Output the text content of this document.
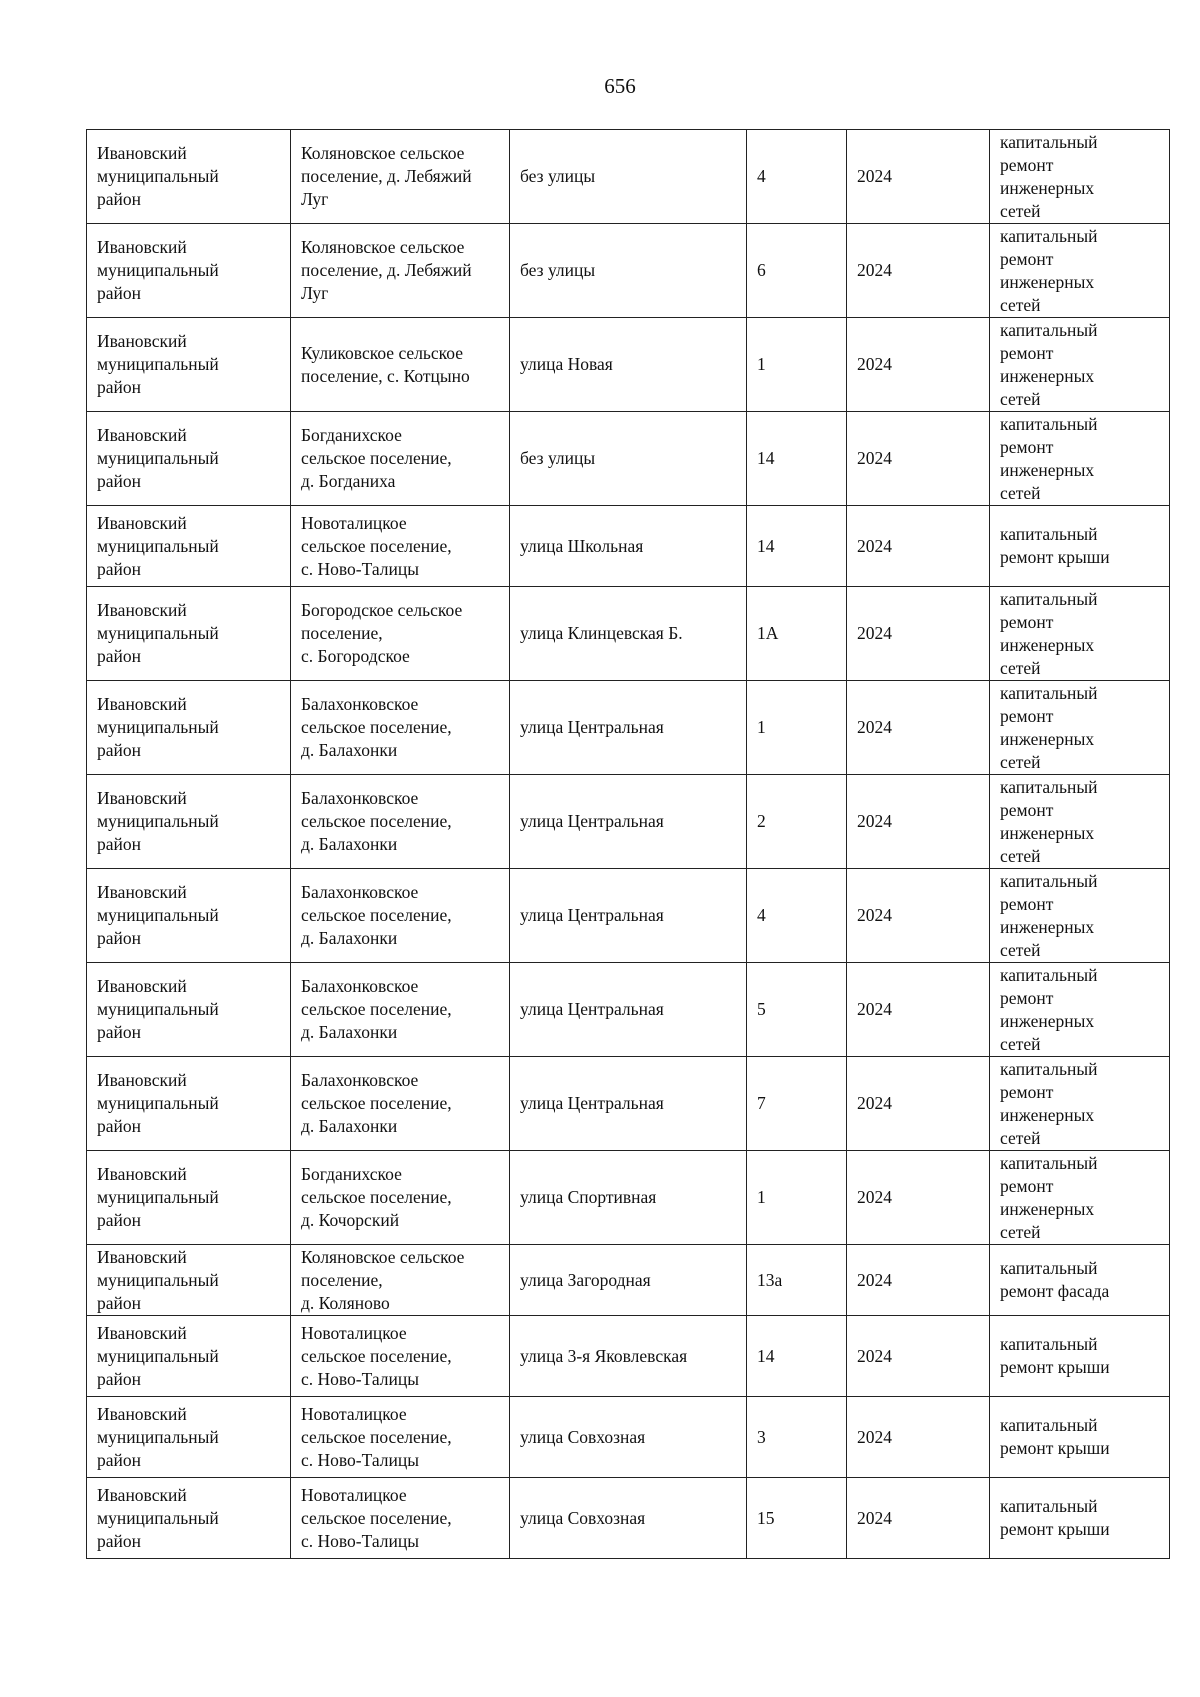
656
Ивановский
муниципальный
район	Коляновское сельское
поселение, д. Лебяжий
Луг	без улицы	4	2024	капитальный
ремонт
инженерных
сетей

Ивановский
муниципальный
район	Коляновское сельское
поселение, д. Лебяжий
Луг	без улицы	6	2024	капитальный
ремонт
инженерных
сетей

Ивановский
муниципальный
район	Куликовское сельское
поселение, с. Котцыно	улица Новая	1	2024	капитальный
ремонт
инженерных
сетей

Ивановский
муниципальный
район	Богданихское
сельское поселение,
д. Богданиха	без улицы	14	2024	капитальный
ремонт
инженерных
сетей

Ивановский
муниципальный
район	Новоталицкое
сельское поселение,
с. Ново-Талицы	улица Школьная	14	2024	капитальный
ремонт крыши

Ивановский
муниципальный
район	Богородское сельское
поселение,
с. Богородское	улица Клинцевская Б.	1А	2024	капитальный
ремонт
инженерных
сетей

Ивановский
муниципальный
район	Балахонковское
сельское поселение,
д. Балахонки	улица Центральная	1	2024	капитальный
ремонт
инженерных
сетей

Ивановский
муниципальный
район	Балахонковское
сельское поселение,
д. Балахонки	улица Центральная	2	2024	капитальный
ремонт
инженерных
сетей

Ивановский
муниципальный
район	Балахонковское
сельское поселение,
д. Балахонки	улица Центральная	4	2024	капитальный
ремонт
инженерных
сетей

Ивановский
муниципальный
район	Балахонковское
сельское поселение,
д. Балахонки	улица Центральная	5	2024	капитальный
ремонт
инженерных
сетей

Ивановский
муниципальный
район	Балахонковское
сельское поселение,
д. Балахонки	улица Центральная	7	2024	капитальный
ремонт
инженерных
сетей

Ивановский
муниципальный
район	Богданихское
сельское поселение,
д. Кочорский	улица Спортивная	1	2024	капитальный
ремонт
инженерных
сетей

Ивановский
муниципальный
район	Коляновское сельское
поселение,
д. Коляново	улица Загородная	13а	2024	капитальный
ремонт фасада

Ивановский
муниципальный
район	Новоталицкое
сельское поселение,
с. Ново-Талицы	улица 3-я Яковлевская	14	2024	капитальный
ремонт крыши

Ивановский
муниципальный
район	Новоталицкое
сельское поселение,
с. Ново-Талицы	улица Совхозная	3	2024	капитальный
ремонт крыши

Ивановский
муниципальный
район	Новоталицкое
сельское поселение,
с. Ново-Талицы	улица Совхозная	15	2024	капитальный
ремонт крыши
